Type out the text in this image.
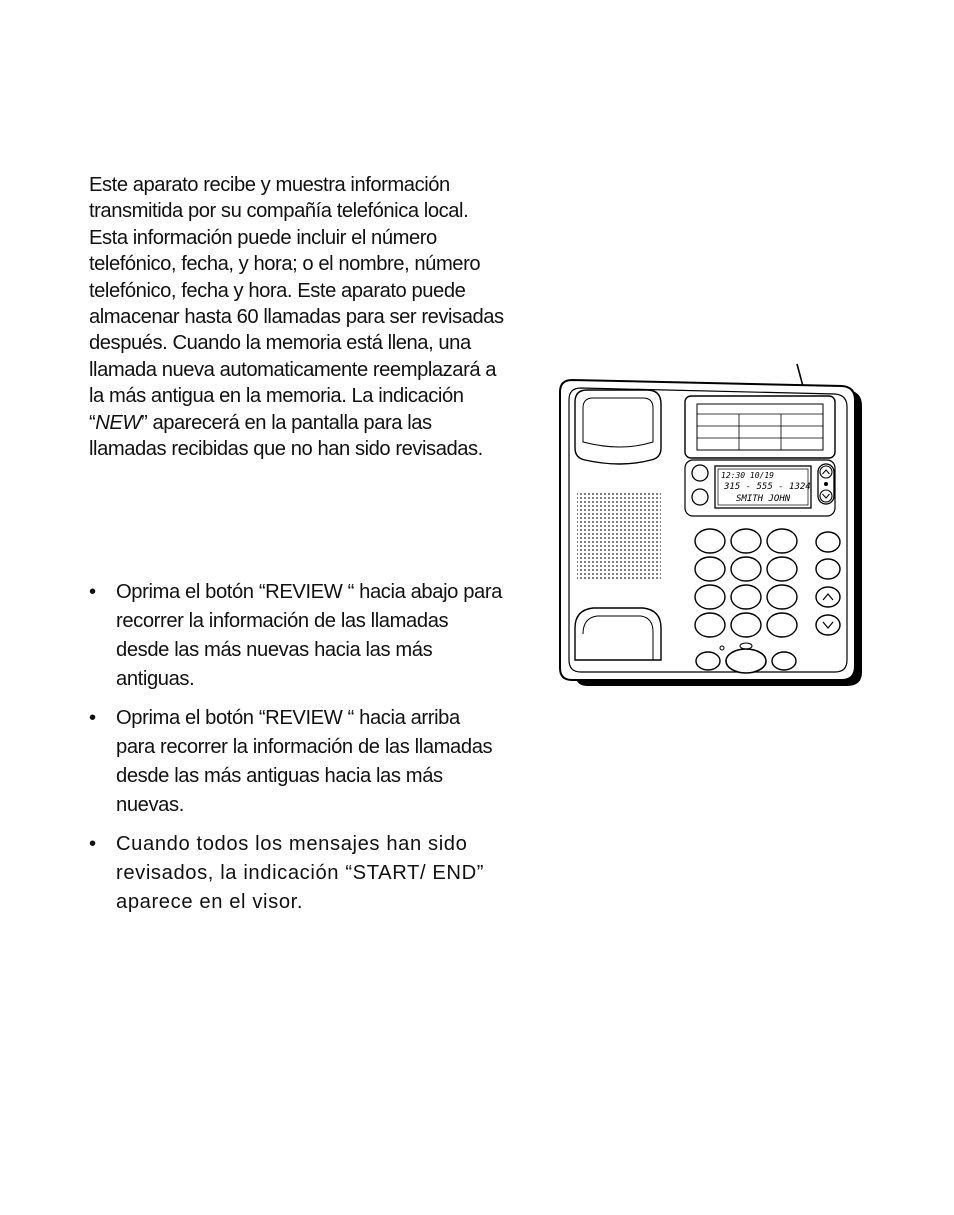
Este aparato recibe y muestra información
transmitida por su compañía telefónica local.
Esta información puede incluir el número
telefónico, fecha, y hora; o el nombre, número
telefónico, fecha y hora. Este aparato puede
almacenar hasta 60 llamadas para ser revisadas
después. Cuando la memoria está llena, una
llamada nueva automaticamente reemplazará a
la más antigua en la memoria. La indicación
“NEW” aparecerá en la pantalla para las
llamadas recibidas que no han sido revisadas.
• Oprima el botón “REVIEW “ hacia abajo para
recorrer la información de las llamadas
desde las más nuevas hacia las más
antiguas.
• Oprima el botón “REVIEW “ hacia arriba
para recorrer la información de las llamadas
desde las más antiguas hacia las más
nuevas.
• Cuando todos los mensajes han sido
revisados, la indicación “START/ END”
aparece en el visor.
12:30 10/19
315 - 555 - 1324
SMITH JOHN
